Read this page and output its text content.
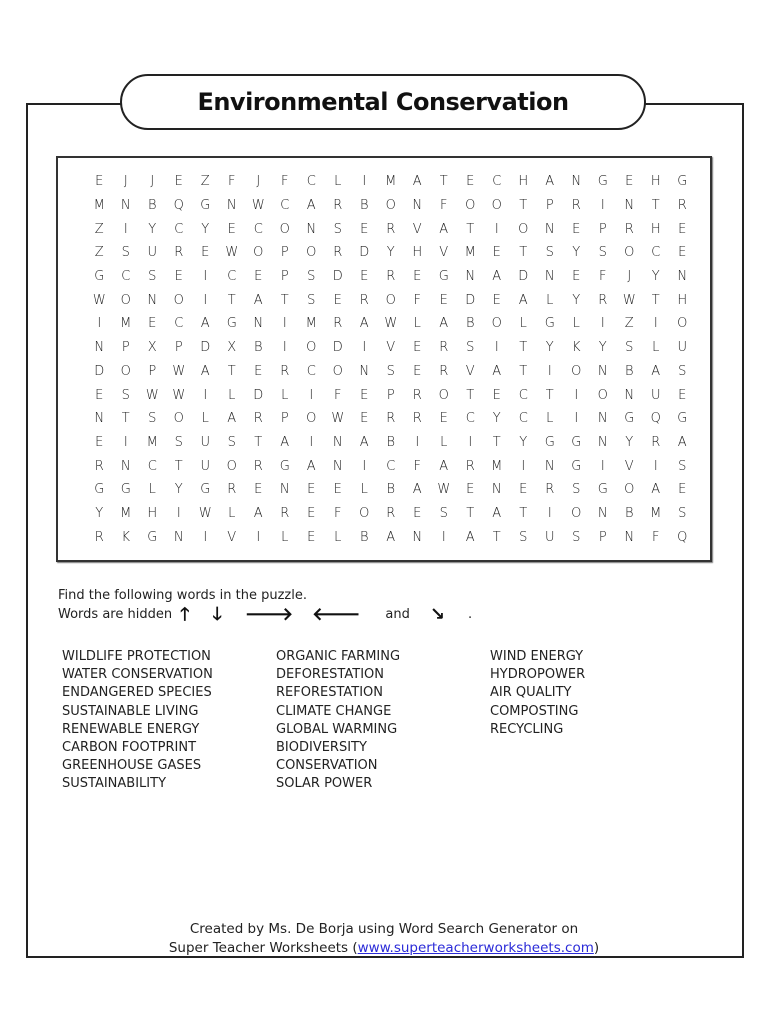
Environmental Conservation
E	J	J	E	Z	F	J	F	C	L	I	M	A	T	E	C	H	A	N	G	E	H	G
M	N	B	Q	G	N	W	C	A	R	B	O	N	F	O	O	T	P	R	I	N	T	R
Z	I	Y	C	Y	E	C	O	N	S	E	R	V	A	T	I	O	N	E	P	R	H	E
Z	S	U	R	E	W	O	P	O	R	D	Y	H	V	M	E	T	S	Y	S	O	C	E
G	C	S	E	I	C	E	P	S	D	E	R	E	G	N	A	D	N	E	F	J	Y	N
W	O	N	O	I	T	A	T	S	E	R	O	F	E	D	E	A	L	Y	R	W	T	H
I	M	E	C	A	G	N	I	M	R	A	W	L	A	B	O	L	G	L	I	Z	I	O
N	P	X	P	D	X	B	I	O	D	I	V	E	R	S	I	T	Y	K	Y	S	L	U
D	O	P	W	A	T	E	R	C	O	N	S	E	R	V	A	T	I	O	N	B	A	S
E	S	W	W	I	L	D	L	I	F	E	P	R	O	T	E	C	T	I	O	N	U	E
N	T	S	O	L	A	R	P	O	W	E	R	R	E	C	Y	C	L	I	N	G	Q	G
E	I	M	S	U	S	T	A	I	N	A	B	I	L	I	T	Y	G	G	N	Y	R	A
R	N	C	T	U	O	R	G	A	N	I	C	F	A	R	M	I	N	G	I	V	I	S
G	G	L	Y	G	R	E	N	E	E	L	B	A	W	E	N	E	R	S	G	O	A	E
Y	M	H	I	W	L	A	R	E	F	O	R	E	S	T	A	T	I	O	N	B	M	S
R	K	G	N	I	V	I	L	E	L	B	A	N	I	A	T	S	U	S	P	N	F	Q
Find the following words in the puzzle.
Words are hidden 🡑 🡓 🡒 🡐 and ↘ .
WILDLIFE PROTECTION
WATER CONSERVATION
ENDANGERED SPECIES
SUSTAINABLE LIVING
RENEWABLE ENERGY
CARBON FOOTPRINT
GREENHOUSE GASES
SUSTAINABILITY
ORGANIC FARMING
DEFORESTATION
REFORESTATION
CLIMATE CHANGE
GLOBAL WARMING
BIODIVERSITY
CONSERVATION
SOLAR POWER
WIND ENERGY
HYDROPOWER
AIR QUALITY
COMPOSTING
RECYCLING
Created by Ms. De Borja using Word Search Generator on
Super Teacher Worksheets (www.superteacherworksheets.com)
